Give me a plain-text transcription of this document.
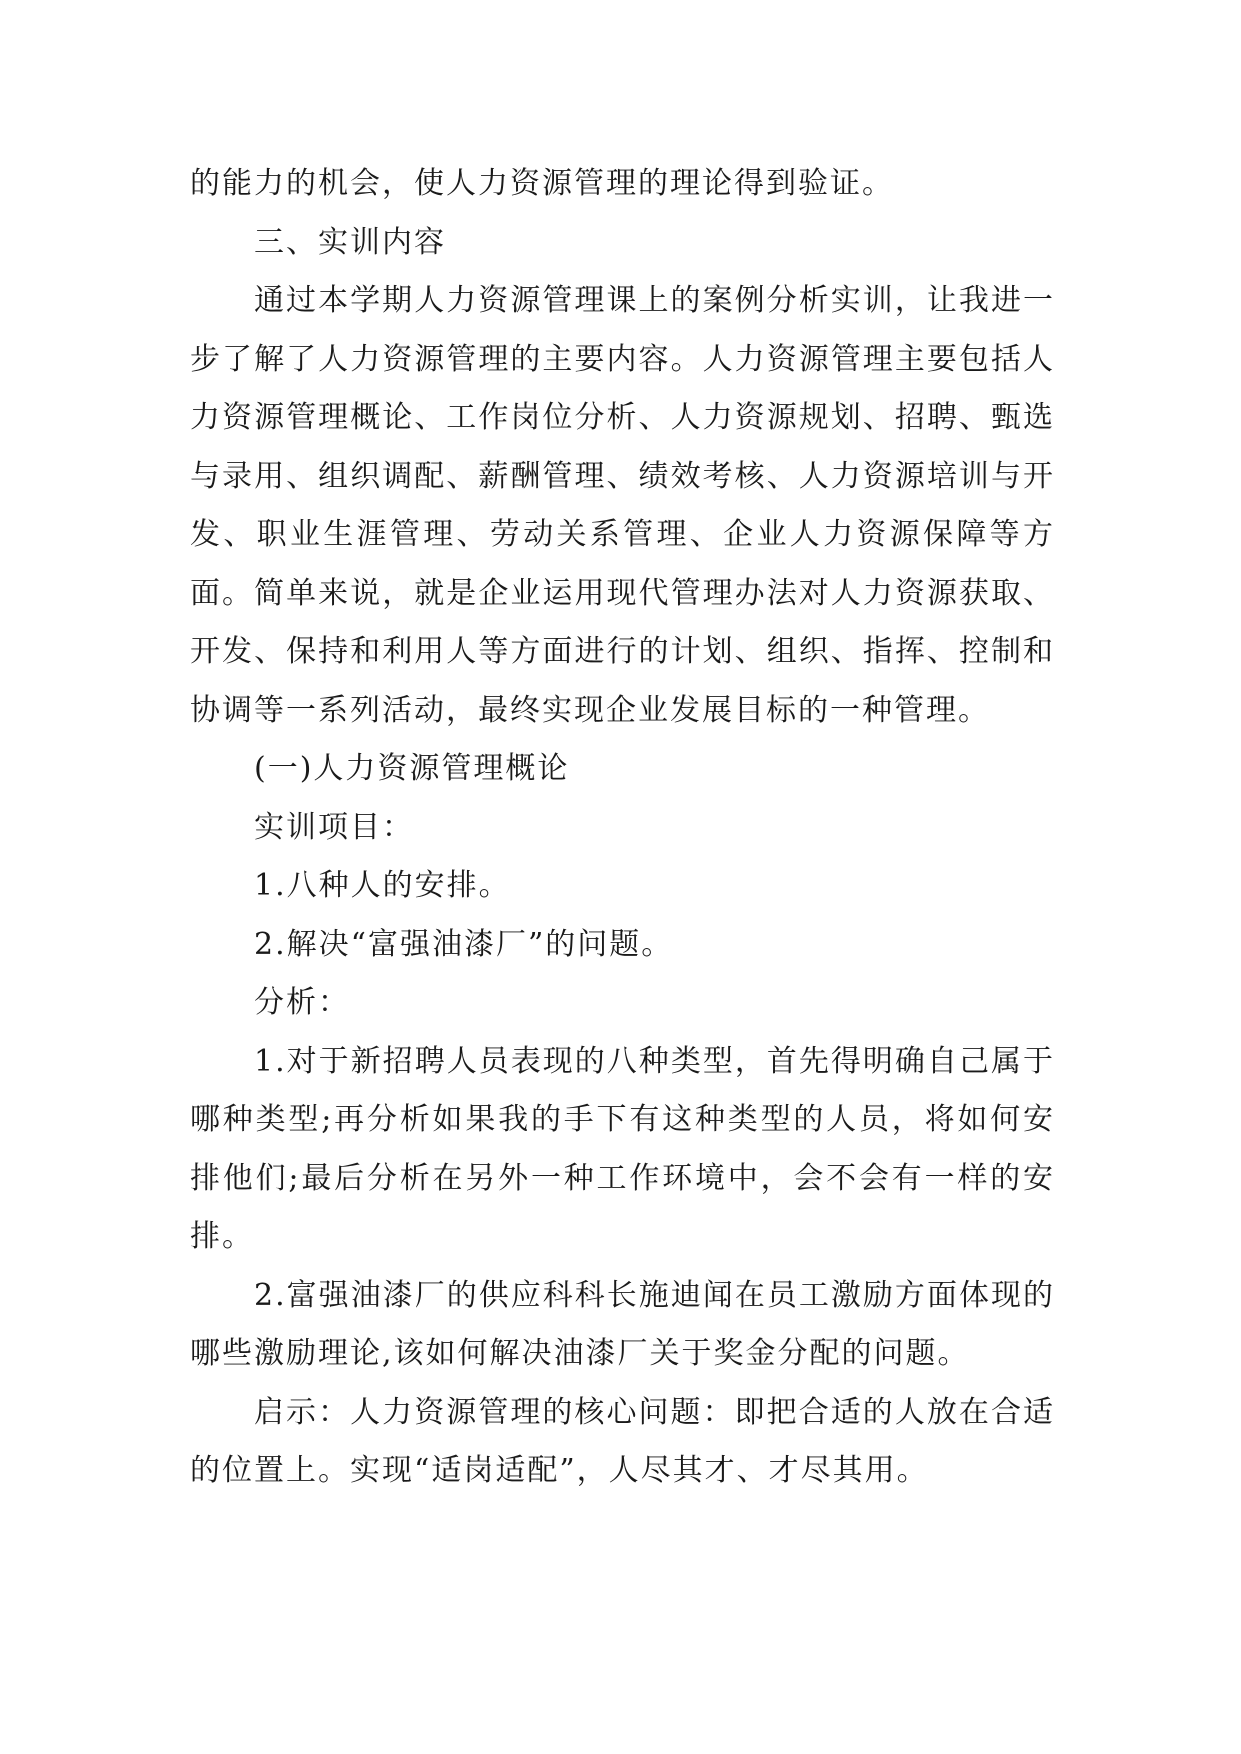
的能力的机会，使人力资源管理的理论得到验证。

三、实训内容

通过本学期人力资源管理课上的案例分析实训，让我进一步了解了人力资源管理的主要内容。人力资源管理主要包括人力资源管理概论、工作岗位分析、人力资源规划、招聘、甄选与录用、组织调配、薪酬管理、绩效考核、人力资源培训与开发、职业生涯管理、劳动关系管理、企业人力资源保障等方面。简单来说，就是企业运用现代管理办法对人力资源获取、开发、保持和利用人等方面进行的计划、组织、指挥、控制和协调等一系列活动，最终实现企业发展目标的一种管理。

(一)人力资源管理概论

实训项目：

1.八种人的安排。

2.解决“富强油漆厂”的问题。

分析：

1.对于新招聘人员表现的八种类型，首先得明确自己属于哪种类型;再分析如果我的手下有这种类型的人员，将如何安排他们;最后分析在另外一种工作环境中，会不会有一样的安排。

2.富强油漆厂的供应科科长施迪闻在员工激励方面体现的哪些激励理论,该如何解决油漆厂关于奖金分配的问题。

启示：人力资源管理的核心问题：即把合适的人放在合适的位置上。实现“适岗适配”，人尽其才、才尽其用。
